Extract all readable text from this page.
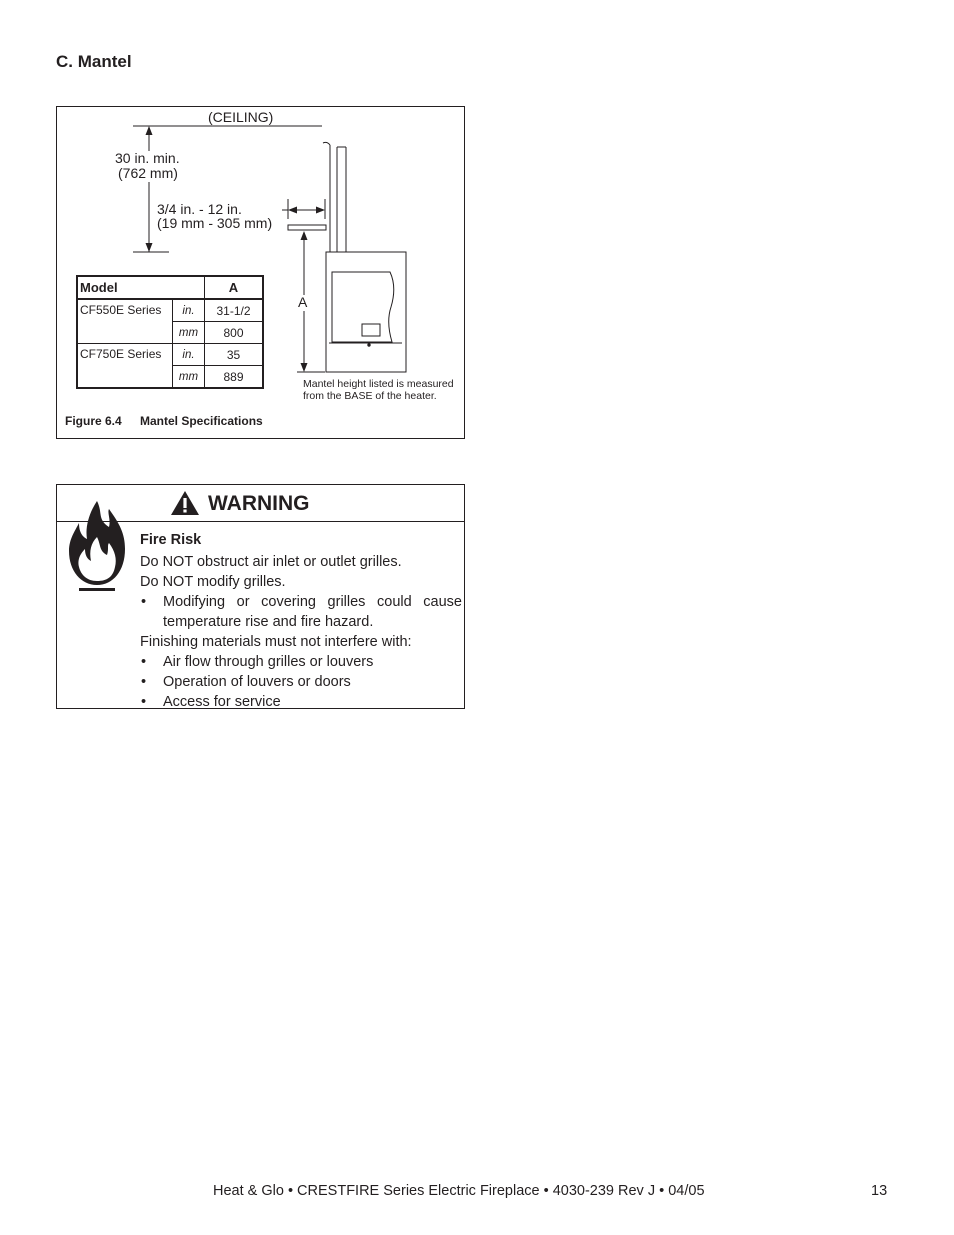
C. Mantel
(CEILING)
30 in. min.
(762 mm)
3/4 in. - 12 in.
(19 mm - 305 mm)
A
Mantel height listed is measured
from the BASE of the heater.
Model		A
CF550E Series	in.	31-1/2
	mm	800
CF750E Series	in.	35
	mm	889
Figure 6.4 Mantel Specifications
WARNING

Fire Risk

Do NOT obstruct air inlet or outlet grilles.

Do NOT modify grilles.

• Modifying or covering grilles could cause temperature rise and fire hazard.

Finishing materials must not interfere with:

• Air flow through grilles or louvers
• Operation of louvers or doors
• Access for service
Heat & Glo • CRESTFIRE Series Electric Fireplace • 4030-239 Rev J • 04/05	13
